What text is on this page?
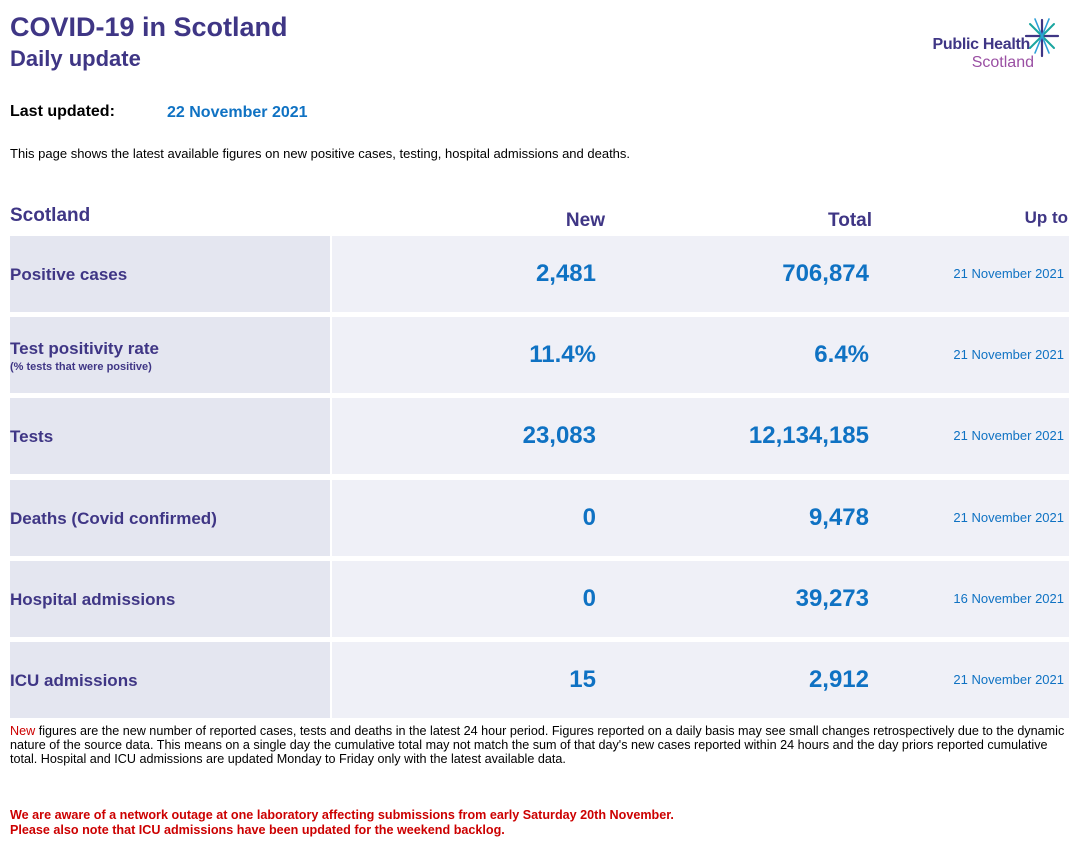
COVID-19 in Scotland
Daily update
Public Health
Scotland
Last updated:	22 November 2021
This page shows the latest available figures on new positive cases, testing, hospital admissions and deaths.
Scotland	New	Total	Up to
Positive cases	2,481	706,874	21 November 2021
Test positivity rate
(% tests that were positive)	11.4%	6.4%	21 November 2021
Tests	23,083	12,134,185	21 November 2021
Deaths (Covid confirmed)	0	9,478	21 November 2021
Hospital admissions	0	39,273	16 November 2021
ICU admissions	15	2,912	21 November 2021
New figures are the new number of reported cases, tests and deaths in the latest 24 hour period. Figures reported on a daily basis may see small changes retrospectively due to the dynamic nature of the source data. This means on a single day the cumulative total may not match the sum of that day's new cases reported within 24 hours and the day priors reported cumulative total. Hospital and ICU admissions are updated Monday to Friday only with the latest available data.
We are aware of a network outage at one laboratory affecting submissions from early Saturday 20th November.
Please also note that ICU admissions have been updated for the weekend backlog.
